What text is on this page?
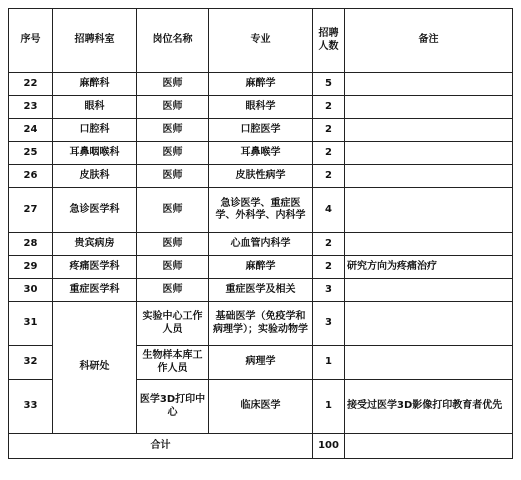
序号	招聘科室	岗位名称	专业	招聘人数	备注
22	麻醉科	医师	麻醉学	5	
23	眼科	医师	眼科学	2	
24	口腔科	医师	口腔医学	2	
25	耳鼻咽喉科	医师	耳鼻喉学	2	
26	皮肤科	医师	皮肤性病学	2	
27	急诊医学科	医师	急诊医学、重症医学、外科学、内科学	4	
28	贵宾病房	医师	心血管内科学	2	
29	疼痛医学科	医师	麻醉学	2	研究方向为疼痛治疗
30	重症医学科	医师	重症医学及相关	3	
31	科研处	实验中心工作人员	基础医学（免疫学和病理学）；实验动物学	3	
32		生物样本库工作人员	病理学	1	
33		医学3D打印中心	临床医学	1	接受过医学3D影像打印教育者优先
合计				100	
